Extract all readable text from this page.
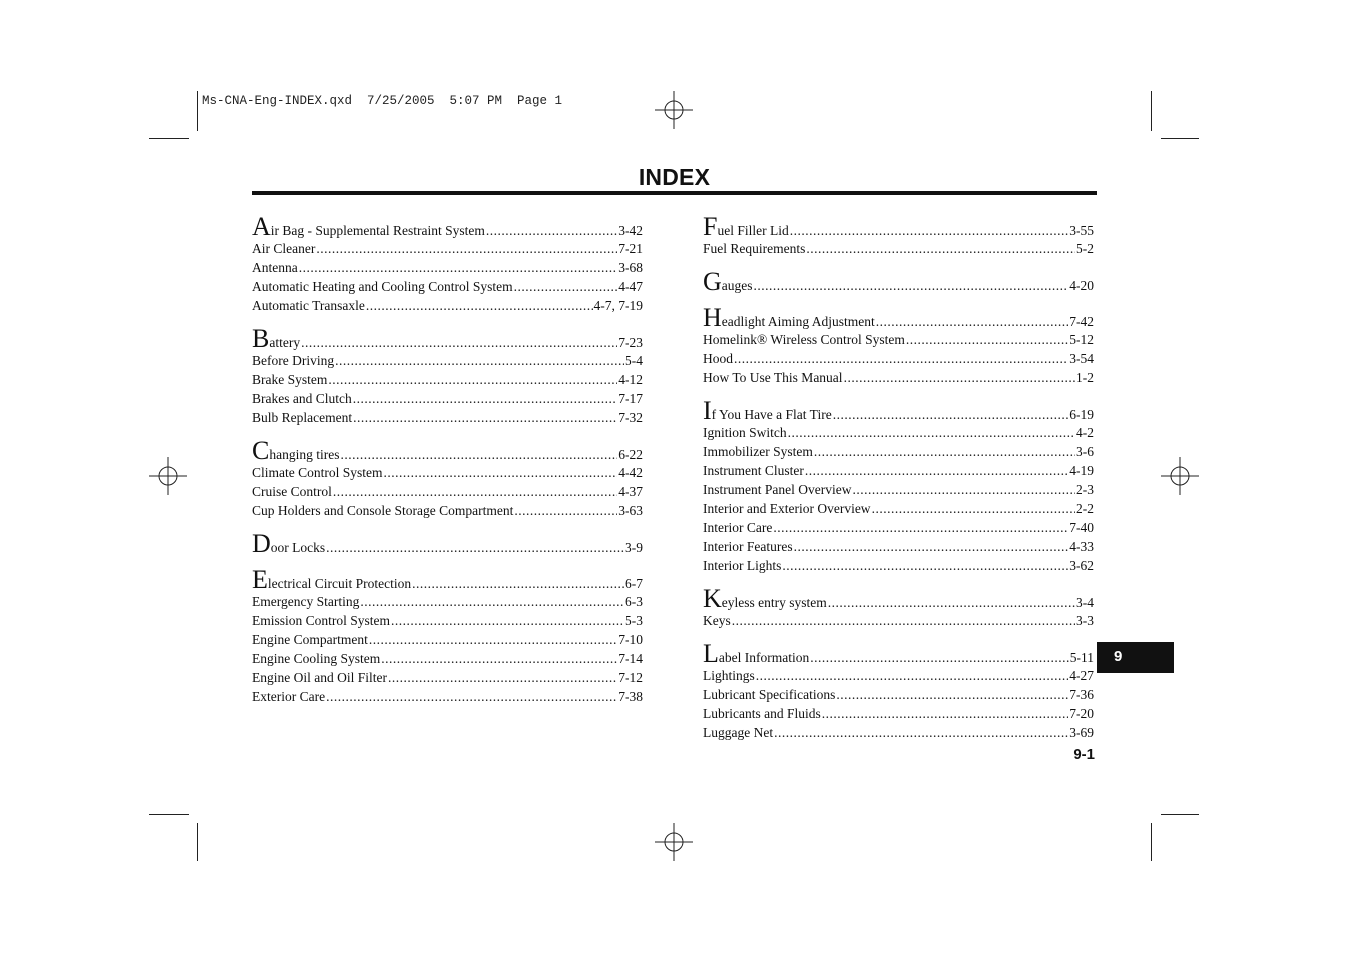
Ms-CNA-Eng-INDEX.qxd  7/25/2005  5:07 PM  Page 1
INDEX
Air Bag - Supplemental Restraint System .....	3-42
Air Cleaner .....	7-21
Antenna .....	3-68
Automatic Heating and Cooling Control System .....	4-47
Automatic Transaxle .....	4-7, 7-19
Battery .....	7-23
Before Driving .....	5-4
Brake System .....	4-12
Brakes and Clutch .....	7-17
Bulb Replacement .....	7-32
Changing tires .....	6-22
Climate Control System .....	4-42
Cruise Control .....	4-37
Cup Holders and Console Storage Compartment .....	3-63
Door Locks .....	3-9
Electrical Circuit Protection .....	6-7
Emergency Starting .....	6-3
Emission Control System .....	5-3
Engine Compartment .....	7-10
Engine Cooling System .....	7-14
Engine Oil and Oil Filter .....	7-12
Exterior Care .....	7-38
Fuel Filler Lid .....	3-55
Fuel Requirements .....	5-2
Gauges .....	4-20
Headlight Aiming Adjustment .....	7-42
Homelink® Wireless Control System .....	5-12
Hood .....	3-54
How To Use This Manual .....	1-2
If You Have a Flat Tire .....	6-19
Ignition Switch .....	4-2
Immobilizer System .....	3-6
Instrument Cluster .....	4-19
Instrument Panel Overview .....	2-3
Interior and Exterior Overview .....	2-2
Interior Care .....	7-40
Interior Features .....	4-33
Interior Lights .....	3-62
Keyless entry system .....	3-4
Keys .....	3-3
Label Information .....	5-11
Lightings .....	4-27
Lubricant Specifications .....	7-36
Lubricants and Fluids .....	7-20
Luggage Net .....	3-69
9
9-1
